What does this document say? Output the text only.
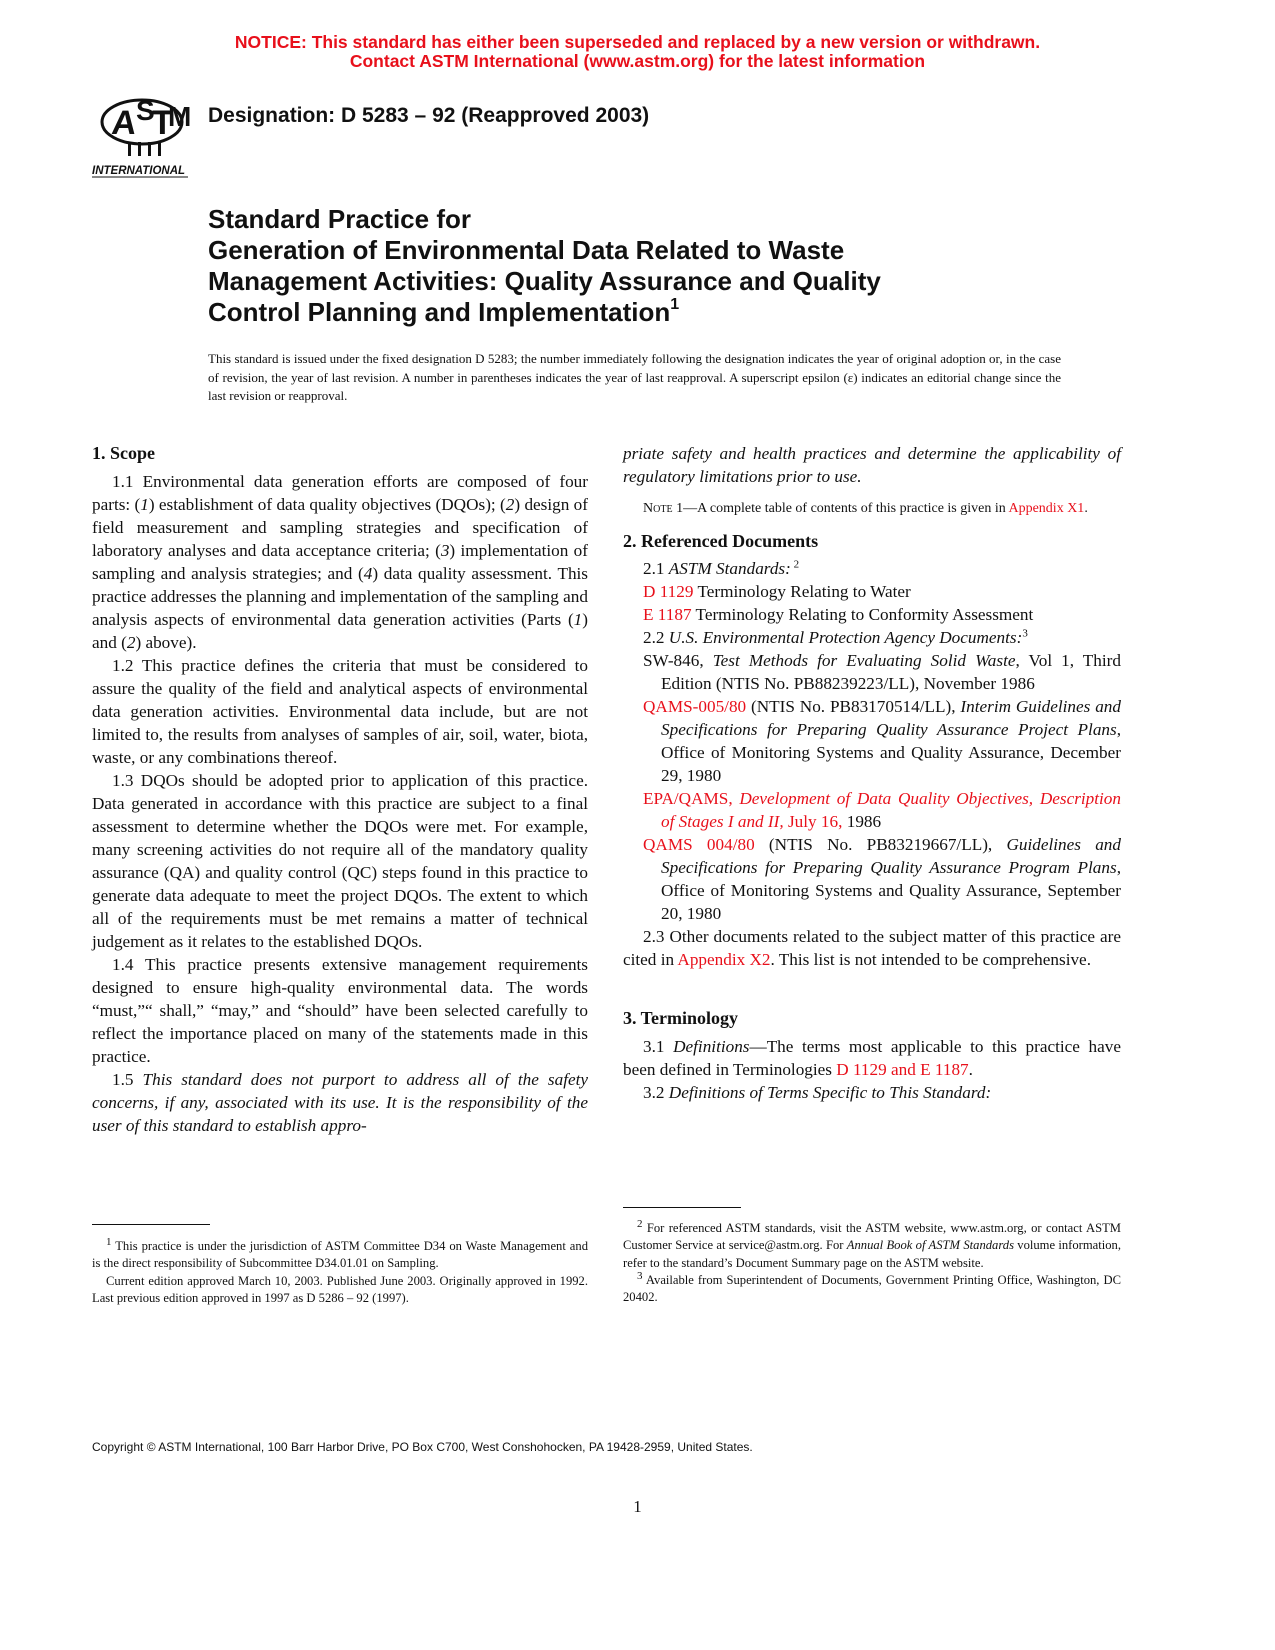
NOTICE: This standard has either been superseded and replaced by a new version or withdrawn.
Contact ASTM International (www.astm.org) for the latest information
A
S
T
M
INTERNATIONAL
Designation: D 5283 – 92 (Reapproved 2003)
Standard Practice for
Generation of Environmental Data Related to Waste
Management Activities: Quality Assurance and Quality
Control Planning and Implementation$^1$
This standard is issued under the fixed designation D 5283; the number immediately following the designation indicates the year of original adoption or, in the case of revision, the year of last revision. A number in parentheses indicates the year of last reapproval. A superscript epsilon (ε) indicates an editorial change since the last revision or reapproval.
1. Scope

1.1 Environmental data generation efforts are composed of four parts: (1) establishment of data quality objectives (DQOs); (2) design of field measurement and sampling strategies and specification of laboratory analyses and data acceptance criteria; (3) implementation of sampling and analysis strategies; and (4) data quality assessment. This practice addresses the planning and implementation of the sampling and analysis aspects of environmental data generation activities (Parts (1) and (2) above).

1.2 This practice defines the criteria that must be considered to assure the quality of the field and analytical aspects of environmental data generation activities. Environmental data include, but are not limited to, the results from analyses of samples of air, soil, water, biota, waste, or any combinations thereof.

1.3 DQOs should be adopted prior to application of this practice. Data generated in accordance with this practice are subject to a final assessment to determine whether the DQOs were met. For example, many screening activities do not require all of the mandatory quality assurance (QA) and quality control (QC) steps found in this practice to generate data adequate to meet the project DQOs. The extent to which all of the requirements must be met remains a matter of technical judgement as it relates to the established DQOs.

1.4 This practice presents extensive management requirements designed to ensure high-quality environmental data. The words “must,”“ shall,” “may,” and “should” have been selected carefully to reflect the importance placed on many of the statements made in this practice.

1.5 This standard does not purport to address all of the safety concerns, if any, associated with its use. It is the responsibility of the user of this standard to establish appro-

$^1$ This practice is under the jurisdiction of ASTM Committee D34 on Waste Management and is the direct responsibility of Subcommittee D34.01.01 on Sampling.

Current edition approved March 10, 2003. Published June 2003. Originally approved in 1992. Last previous edition approved in 1997 as D 5286 – 92 (1997).

priate safety and health practices and determine the applicability of regulatory limitations prior to use.

Note 1—A complete table of contents of this practice is given in Appendix X1.

2. Referenced Documents

2.1 ASTM Standards: $^2$

D 1129 Terminology Relating to Water

E 1187 Terminology Relating to Conformity Assessment

2.2 U.S. Environmental Protection Agency Documents:$^3$

SW-846, Test Methods for Evaluating Solid Waste, Vol 1, Third Edition (NTIS No. PB88239223/LL), November 1986

QAMS-005/80 (NTIS No. PB83170514/LL), Interim Guidelines and Specifications for Preparing Quality Assurance Project Plans, Office of Monitoring Systems and Quality Assurance, December 29, 1980

EPA/QAMS, Development of Data Quality Objectives, Description of Stages I and II, July 16, 1986

QAMS 004/80 (NTIS No. PB83219667/LL), Guidelines and Specifications for Preparing Quality Assurance Program Plans, Office of Monitoring Systems and Quality Assurance, September 20, 1980

2.3 Other documents related to the subject matter of this practice are cited in Appendix X2. This list is not intended to be comprehensive.

3. Terminology

3.1 Definitions—The terms most applicable to this practice have been defined in Terminologies D 1129 and E 1187.

3.2 Definitions of Terms Specific to This Standard:

$^2$ For referenced ASTM standards, visit the ASTM website, www.astm.org, or contact ASTM Customer Service at service@astm.org. For Annual Book of ASTM Standards volume information, refer to the standard’s Document Summary page on the ASTM website.

$^3$ Available from Superintendent of Documents, Government Printing Office, Washington, DC 20402.

Copyright © ASTM International, 100 Barr Harbor Drive, PO Box C700, West Conshohocken, PA 19428-2959, United States.
1
